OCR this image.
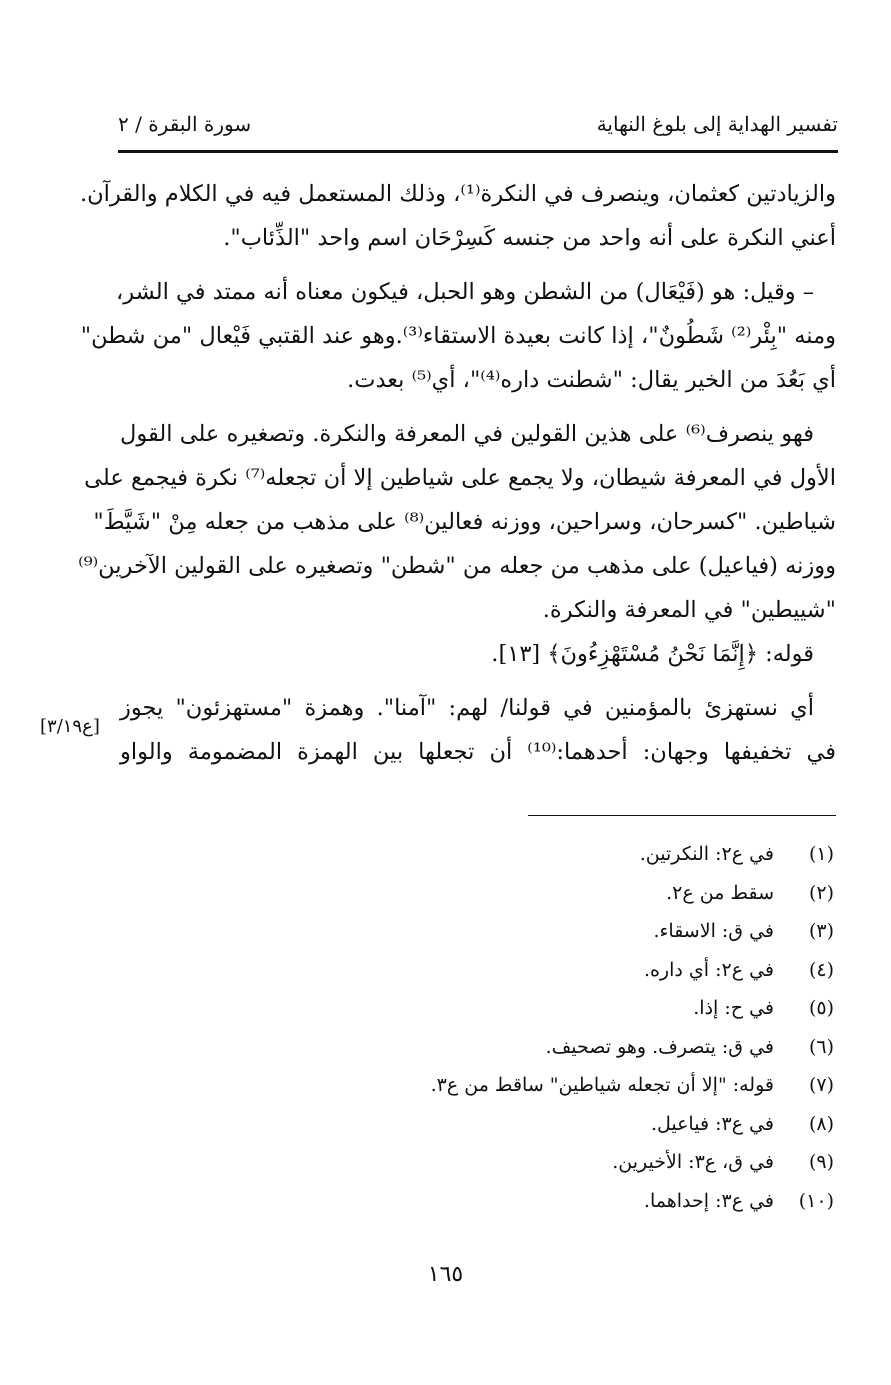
تفسير الهداية إلى بلوغ النهاية
سورة البقرة / ٢
والزيادتين كعثمان، وينصرف في النكرة⁽¹⁾، وذلك المستعمل فيه في الكلام والقرآن.
أعني النكرة على أنه واحد من جنسه كَسِرْحَان اسم واحد "الذِّئاب".
– وقيل: هو (فَيْعَال) من الشطن وهو الحبل، فيكون معناه أنه ممتد في الشر،
ومنه "بِئْر⁽²⁾ شَطُونٌ"، إذا كانت بعيدة الاستقاء⁽³⁾.وهو عند القتبي فَيْعال "من شطن"
أي بَعُدَ من الخير يقال: "شطنت داره⁽⁴⁾"، أي⁽⁵⁾ بعدت.
فهو ينصرف⁽⁶⁾ على هذين القولين في المعرفة والنكرة. وتصغيره على القول
الأول في المعرفة شيطان، ولا يجمع على شياطين إلا أن تجعله⁽⁷⁾ نكرة فيجمع على
شياطين. "كسرحان، وسراحين، ووزنه فعالين⁽⁸⁾ على مذهب من جعله مِنْ "شَيَّطَ"
ووزنه (فياعيل) على مذهب من جعله من "شطن" وتصغيره على القولين الآخرين⁽⁹⁾
"شييطين" في المعرفة والنكرة.
قوله: ﴿إِنَّمَا نَحْنُ مُسْتَهْزِءُونَ﴾ [١٣].
أي نستهزئ بالمؤمنين في قولنا/ لهم: "آمنا". وهمزة "مستهزئون" يجوز
في تخفيفها وجهان: أحدهما:⁽¹⁰⁾ أن تجعلها بين الهمزة المضمومة والواو
[ع٣/١٩]
(١)في ع٢: النكرتين.
(٢)سقط من ع٢.
(٣)في ق: الاسقاء.
(٤)في ع٢: أي داره.
(٥)في ح: إذا.
(٦)في ق: يتصرف. وهو تصحيف.
(٧)قوله: "إلا أن تجعله شياطين" ساقط من ع٣.
(٨)في ع٣: فياعيل.
(٩)في ق، ع٣: الأخيرين.
(١٠)في ع٣: إحداهما.
١٦٥
